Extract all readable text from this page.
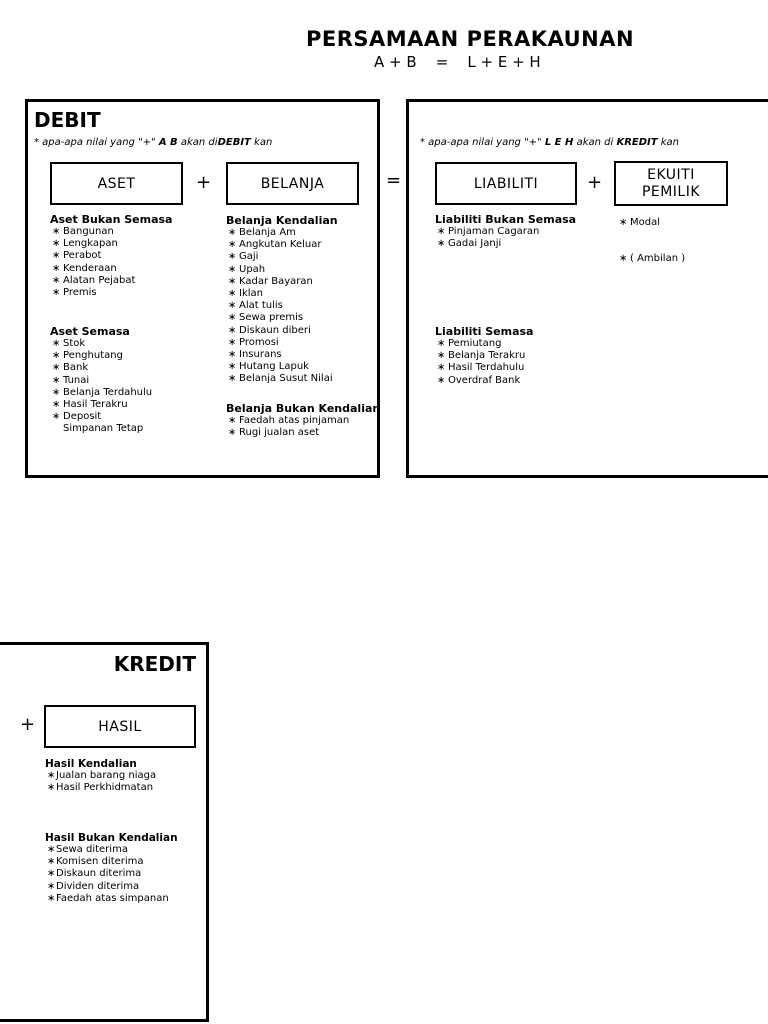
PERSAMAAN PERAKAUNAN
A + B    =    L + E + H
DEBIT
* apa-apa nilai yang "+" A B akan diDEBIT kan
ASET	+	BELANJA
Aset Bukan Semasa
∗ Bangunan
∗ Lengkapan
∗ Perabot
∗ Kenderaan
∗ Alatan Pejabat
∗ Premis
Aset Semasa
∗ Stok
∗ Penghutang
∗ Bank
∗ Tunai
∗ Belanja Terdahulu
∗ Hasil Terakru
∗ Deposit
Simpanan Tetap
Belanja Kendalian
∗ Belanja Am
∗ Angkutan Keluar
∗ Gaji
∗ Upah
∗ Kadar Bayaran
∗ Iklan
∗ Alat tulis
∗ Sewa premis
∗ Diskaun diberi
∗ Promosi
∗ Insurans
∗ Hutang Lapuk
∗ Belanja Susut Nilai
Belanja Bukan Kendalian
∗ Faedah atas pinjaman
∗ Rugi jualan aset
=
* apa-apa nilai yang "+" L E H akan di KREDIT kan
LIABILITI	+	EKUITI
PEMILIK
Liabiliti Bukan Semasa
∗ Pinjaman Cagaran
∗ Gadai Janji
∗ Modal
∗ ( Ambilan )
Liabiliti Semasa
∗ Pemiutang
∗ Belanja Terakru
∗ Hasil Terdahulu
∗ Overdraf Bank
KREDIT
HASIL
Hasil Kendalian
∗ Jualan barang niaga
∗ Hasil Perkhidmatan
Hasil Bukan Kendalian
∗ Sewa diterima
∗ Komisen diterima
∗ Diskaun diterima
∗ Dividen diterima
∗ Faedah atas simpanan
+
